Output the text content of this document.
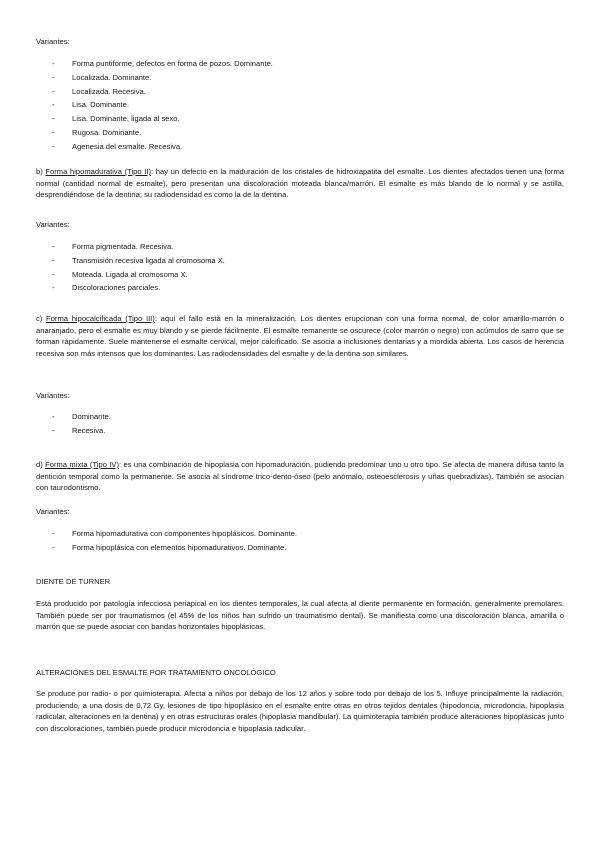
Variantes:
- Forma puntiforme, defectos en forma de pozos. Dominante.
- Localizada. Dominante.
- Localizada. Recesiva.
- Lisa. Dominante.
- Lisa. Dominante, ligada al sexo.
- Rugosa. Dominante.
- Agenesia del esmalte. Recesiva.
b) Forma hipomadurativa (Tipo II): hay un defecto en la maduración de los cristales de hidroxiapatita del esmalte. Los dientes afectados tienen una forma normal (cantidad normal de esmalte), pero presentan una discoloración moteada blanca/marrón. El esmalte es más blando de lo normal y se astilla, desprendiéndose de la dentina; su radiodensidad es como la de la dentina.
Variantes:
- Forma pigmentada. Recesiva.
- Transmisión recesiva ligada al cromosoma X.
- Moteada. Ligada al cromosoma X.
- Discoloraciones parciales.
c) Forma hipocalcificada (Tipo III): aquí el fallo está en la mineralización. Los dientes erupcionan con una forma normal, de color amarillo-marrón o anaranjado, pero el esmalte es muy blando y se pierde fácilmente. El esmalte remanente se oscurece (color marrón o negro) con acúmulos de sarro que se forman rápidamente. Suele mantenerse el esmalte cervical, mejor calcificado. Se asocia a inclusiones dentarias y a mordida abierta. Los casos de herencia recesiva son más intensos que los dominantes. Las radiodensidades del esmalte y de la dentina son similares.
Variantes:
- Dominante.
- Recesiva.
d) Forma mixta (Tipo IV): es una combinación de hipoplasia con hipomaduración, pudiendo predominar uno u otro tipo. Se afecta de manera difusa tanto la dentición temporal como la permanente. Se asocia al síndrome trico-dento-óseo (pelo anómalo, osteoesclerosis y uñas quebradizas). También se asocian con taurodontismo.
Variantes:
- Forma hipomadurativa con componentes hipoplásicos. Dominante.
- Forma hipoplásica con elementos hipomadurativos. Dominante.
DIENTE DE TURNER
Está producido por patología infecciosa periapical en los dientes temporales, la cual afecta al diente permanente en formación, generalmente premolares. También puede ser por traumatismos (el 45% de los niños han sufrido un traumatismo dental). Se manifiesta como una discoloración blanca, amarilla o marrón que se puede asociar con bandas horizontales hipoplásicas.
ALTERACIONES DEL ESMALTE POR TRATAMIENTO ONCOLÓGICO
Se produce por radio- o por quimioterapia. Afecta a niños por debajo de los 12 años y sobre todo por debajo de los 5. Influye principalmente la radiación, produciendo, a una dosis de 0,72 Gy, lesiones de tipo hipoplásico en el esmalte entre otras en otros tejidos dentales (hipodoncia, microdoncia, hipoplasia radicular, alteraciones en la dentina) y en otras estructuras orales (hipoplasia mandibular). La quimioterapia también produce alteraciones hipoplásicas junto con discoloraciones, también puede producir microdoncia e hipoplasia radicular.
